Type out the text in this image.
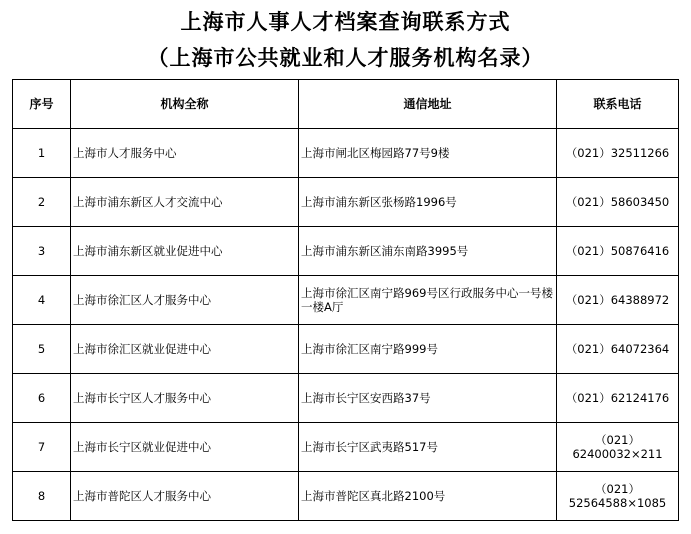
上海市人事人才档案查询联系方式
（上海市公共就业和人才服务机构名录）
序号	机构全称	通信地址	联系电话
1	上海市人才服务中心	上海市闸北区梅园路77号9楼	（021）32511266
2	上海市浦东新区人才交流中心	上海市浦东新区张杨路1996号	（021）58603450
3	上海市浦东新区就业促进中心	上海市浦东新区浦东南路3995号	（021）50876416
4	上海市徐汇区人才服务中心	上海市徐汇区南宁路969号区行政服务中心一号楼一楼A厅	（021）64388972
5	上海市徐汇区就业促进中心	上海市徐汇区南宁路999号	（021）64072364
6	上海市长宁区人才服务中心	上海市长宁区安西路37号	（021）62124176
7	上海市长宁区就业促进中心	上海市长宁区武夷路517号	（021）62400032×211
8	上海市普陀区人才服务中心	上海市普陀区真北路2100号	（021）52564588×1085
